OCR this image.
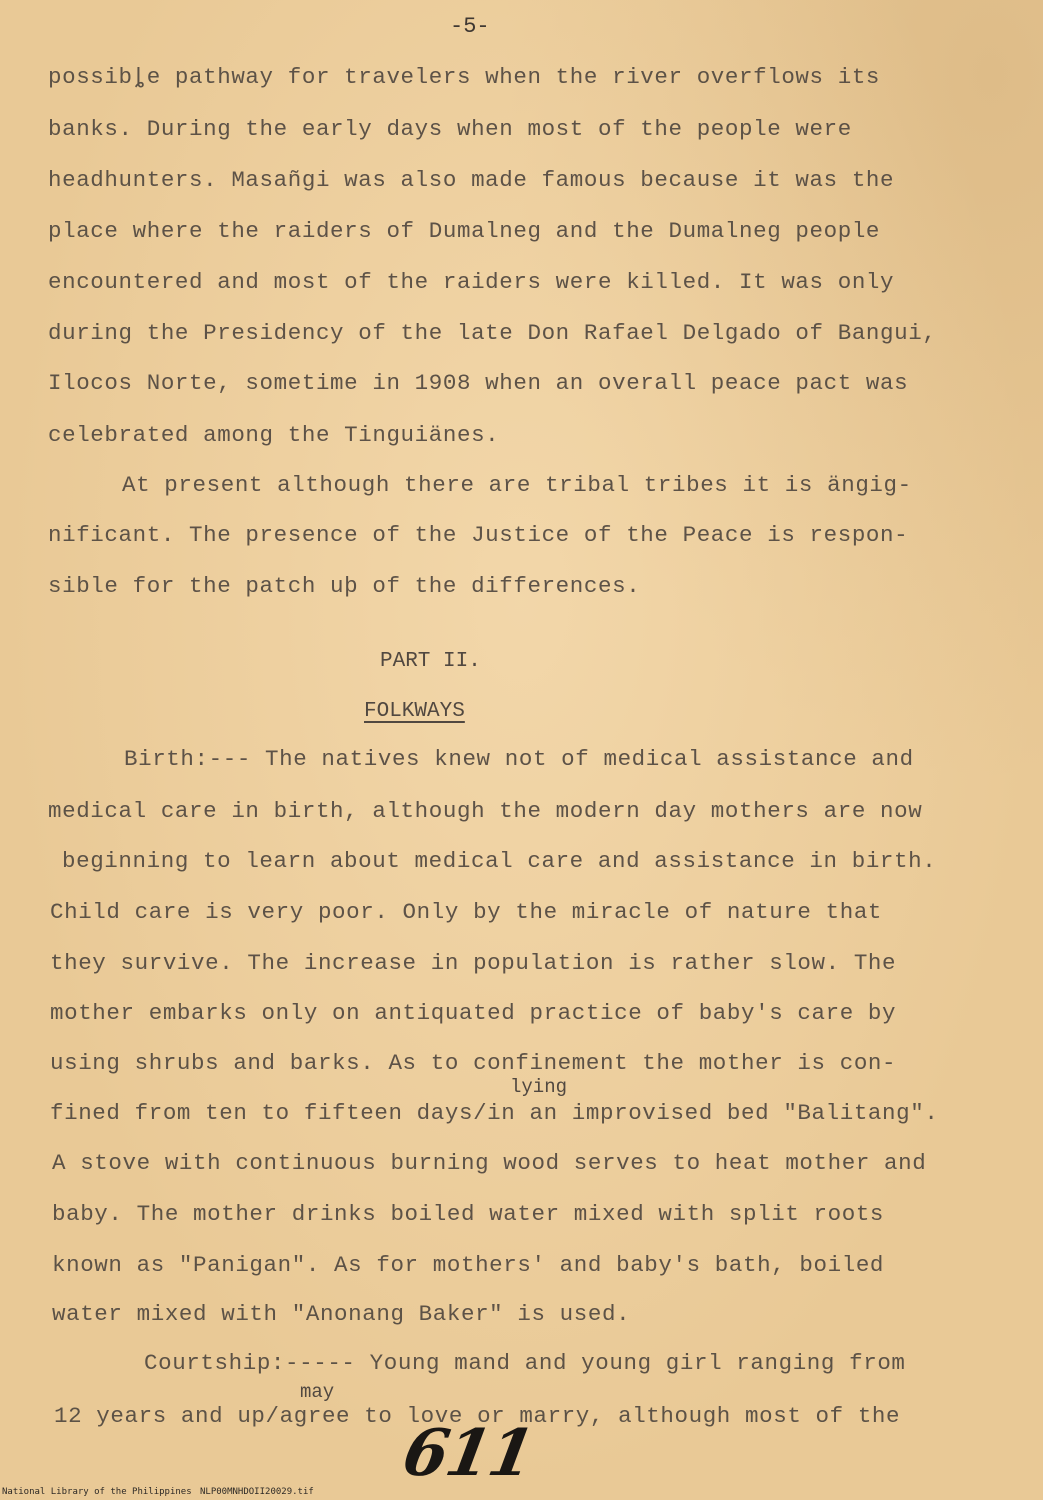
-5-
possibȴe pathway for travelers when the river overflows its
banks. During the early days when most of the people were
headhunters. Masañgi was also made famous because it was the
place where the raiders of Dumalneg and the Dumalneg people
encountered and most of the raiders were killed. It was only
during the Presidency of the late Don Rafael Delgado of Bangui,
Ilocos Norte, sometime in 1908 when an overall peace pact was
celebrated among the Tinguiänes.
At present although there are tribal tribes it is ängig-
nificant. The presence of the Justice of the Peace is respon-
sible for the patch uþ of the differences.
PART II.
FOLKWAYS
Birth:--- The natives knew not of medical assistance and
medical care in birth, although the modern day mothers are now
beginning to learn about medical care and assistance in birth.
Child care is very poor. Only by the miracle of nature that
they survive. The increase in population is rather slow. The
mother embarks only on antiquated practice of baby's care by
using shrubs and barks. As to confinement the mother is con-
lying
fined from ten to fifteen days/in an improvised bed "Balitang".
A stove with continuous burning wood serves to heat mother and
baby. The mother drinks boiled water mixed with split roots
known as "Panigan". As for mothers' and baby's bath, boiled
water mixed with "Anonang Baker" is used.
Courtship:----- Young mand and young girl ranging from
may
12 years and up/agree to love or marry, although most of the
611
National Library of the Philippines NLP00MNHDOII20029.tif
